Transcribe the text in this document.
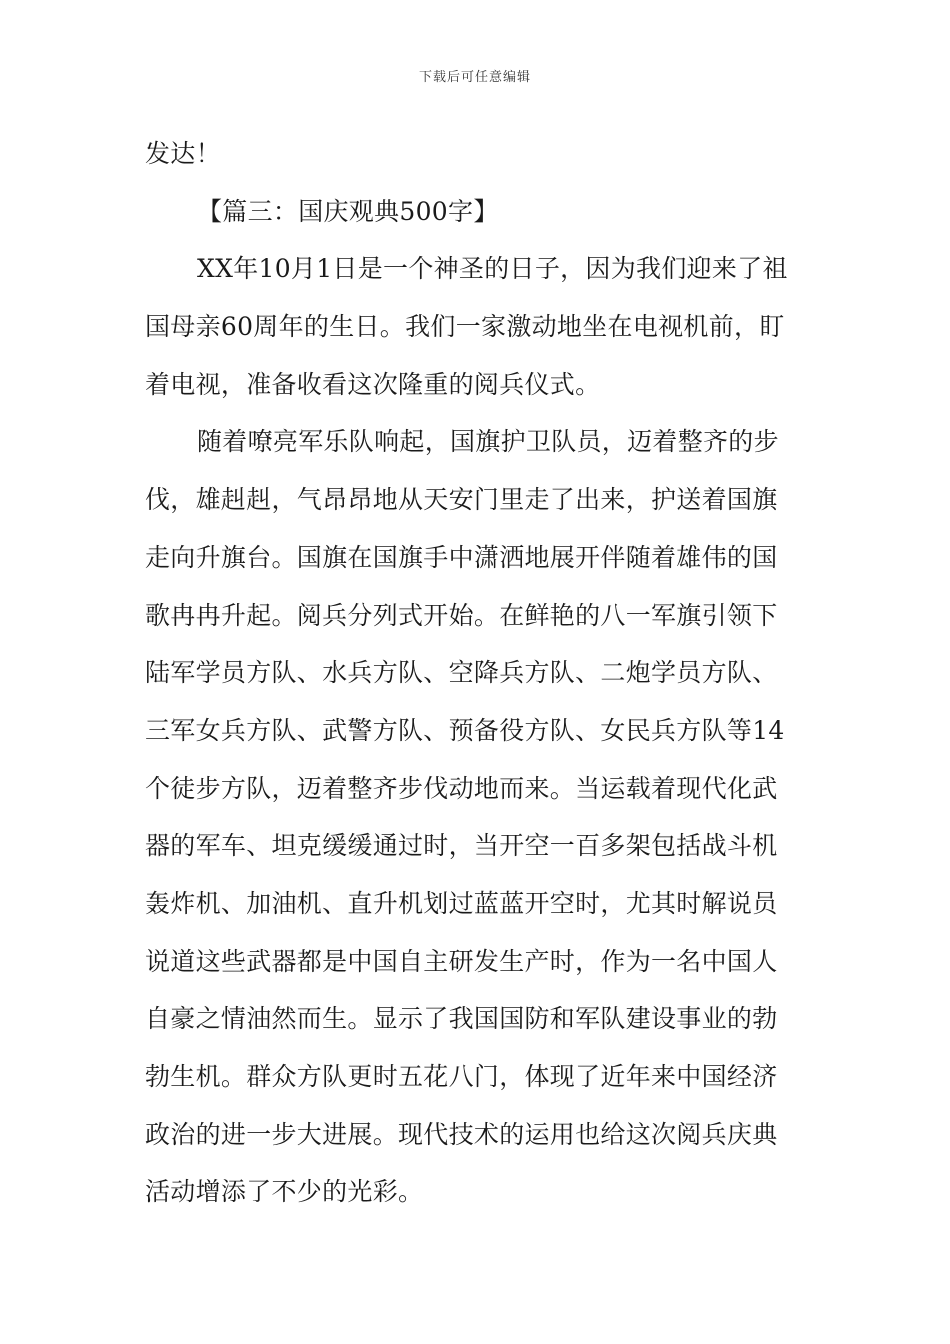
下载后可任意编辑
发达！
【篇三：国庆观典500字】
XX年10月1日是一个神圣的日子，因为我们迎来了祖
国母亲60周年的生日。我们一家激动地坐在电视机前，盯
着电视，准备收看这次隆重的阅兵仪式。
随着嘹亮军乐队响起，国旗护卫队员，迈着整齐的步
伐，雄赳赳，气昂昂地从天安门里走了出来，护送着国旗
走向升旗台。国旗在国旗手中潇洒地展开伴随着雄伟的国
歌冉冉升起。阅兵分列式开始。在鲜艳的八一军旗引领下
陆军学员方队、水兵方队、空降兵方队、二炮学员方队、
三军女兵方队、武警方队、预备役方队、女民兵方队等14
个徒步方队，迈着整齐步伐动地而来。当运载着现代化武
器的军车、坦克缓缓通过时，当开空一百多架包括战斗机
轰炸机、加油机、直升机划过蓝蓝开空时，尤其时解说员
说道这些武器都是中国自主研发生产时，作为一名中国人
自豪之情油然而生。显示了我国国防和军队建设事业的勃
勃生机。群众方队更时五花八门，体现了近年来中国经济
政治的进一步大进展。现代技术的运用也给这次阅兵庆典
活动增添了不少的光彩。
